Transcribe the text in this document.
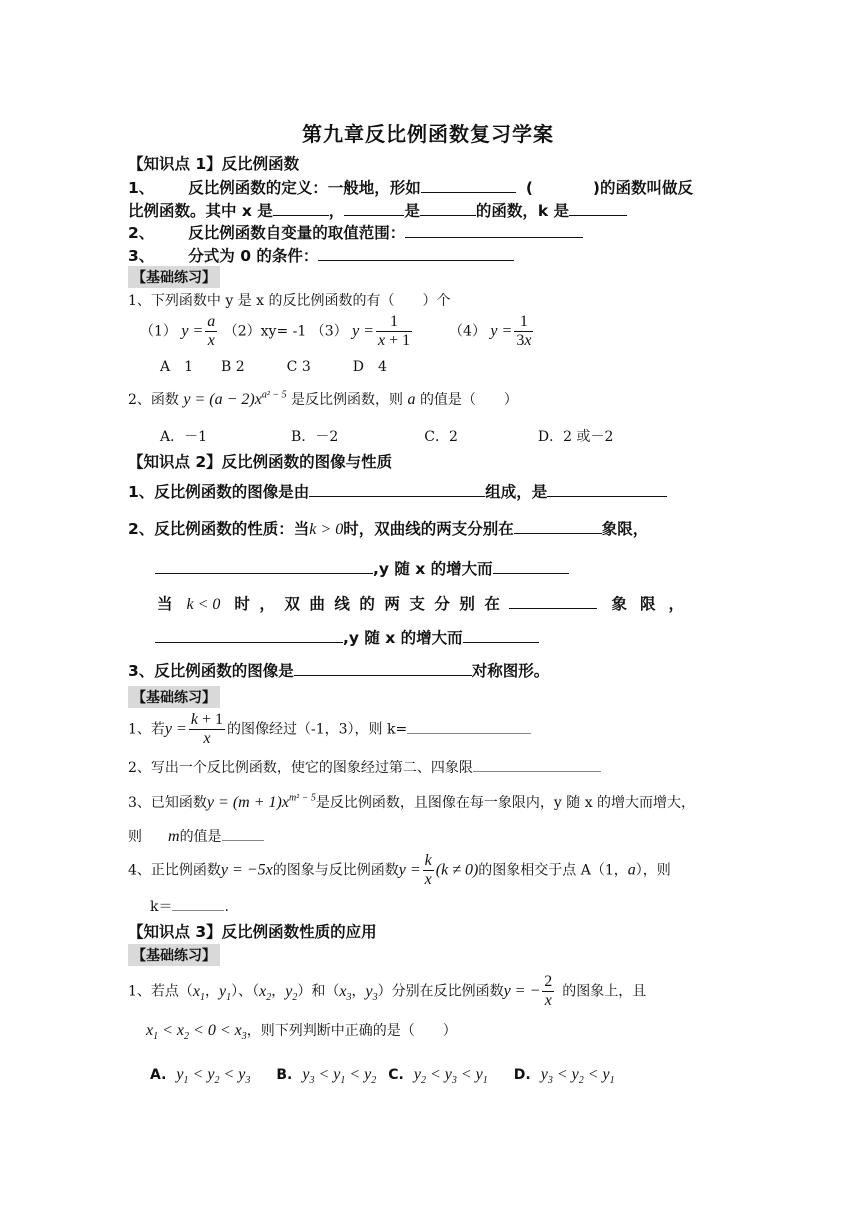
第九章反比例函数复习学案
【知识点 1】反比例函数
1、 反比例函数的定义：一般地，形如	(	)的函数叫做反
比例函数。其中 x 是	，	是	的函数，k 是
2、 反比例函数自变量的取值范围：
3、 分式为 0 的条件：
【基础练习】
1、下列函数中 y 是 x 的反比例函数的有（　　）个
（1） $y = \frac{a}{x} (2)xy= -1$ （3） $y = \frac{1}{x + 1}$	（4） $y = \frac{1}{3x}$
A　1　　B 2　　　C 3　　　D　4
2、函数 $y = (a - 2)x^{a^2 - 5}$ 是反比例函数，则 a 的值是（　　）
A．－1	B．－2	C．2	D．2 或－2
【知识点 2】反比例函数的图像与性质
1、反比例函数的图像是由	组成，是
2、反比例函数的性质：当k > 0时，双曲线的两支分别在	象限，
,y 随 x 的增大而
当 k < 0 时，双曲线的两支分别在	象限，
,y 随 x 的增大而
3、反比例函数的图像是	对称图形。
【基础练习】
1、若$y = \frac{k + 1}{x}$ 的图像经过（-1，3），则 k=
2、写出一个反比例函数，使它的图象经过第二、四象限
3、已知函数$y = (m + 1)x^{m^2 - 5}$是反比例函数，且图像在每一象限内，y 随 x 的增大而增大，
则 m的值是
4、正比例函数y = −5x的图象与反比例函数$y = \frac{k}{x} (k \ne 0)$的图象相交于点 A（1，a），则
k＝	.
【知识点 3】反比例函数性质的应用
【基础练习】
1、若点（$x_1$，$y_1$）、（$x_2$，$y_2$）和（$x_3$，$y_3$）分别在反比例函数y = − $\frac{2}{x}$ 的图象上，且
$x_1 < x_2 < 0 < x_3$，则下列判断中正确的是（　　）
A. $y_1 < y_2 < y_3$ B. $y_3 < y_1 < y_2$ C. $y_2 < y_3 < y_1$ D. $y_3 < y_2 < y_1$
